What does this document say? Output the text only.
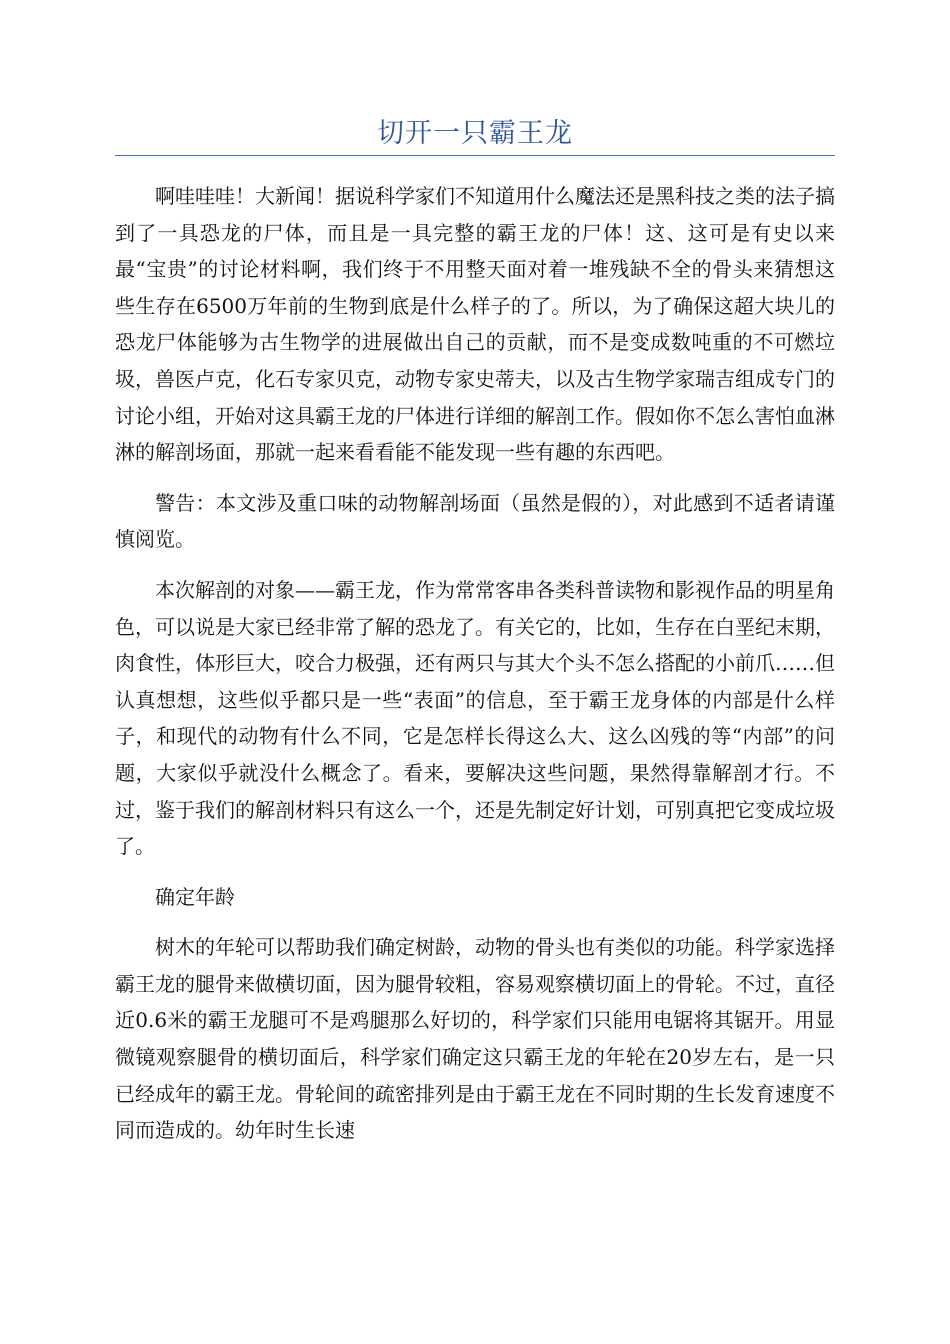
切开一只霸王龙

啊哇哇哇！大新闻！据说科学家们不知道用什么魔法还是黑科技之类的法子搞到了一具恐龙的尸体，而且是一具完整的霸王龙的尸体！这、这可是有史以来最“宝贵”的讨论材料啊，我们终于不用整天面对着一堆残缺不全的骨头来猜想这些生存在6500万年前的生物到底是什么样子的了。所以，为了确保这超大块儿的恐龙尸体能够为古生物学的进展做出自己的贡献，而不是变成数吨重的不可燃垃圾，兽医卢克，化石专家贝克，动物专家史蒂夫，以及古生物学家瑞吉组成专门的讨论小组，开始对这具霸王龙的尸体进行详细的解剖工作。假如你不怎么害怕血淋淋的解剖场面，那就一起来看看能不能发现一些有趣的东西吧。

警告：本文涉及重口味的动物解剖场面（虽然是假的），对此感到不适者请谨慎阅览。

本次解剖的对象——霸王龙，作为常常客串各类科普读物和影视作品的明星角色，可以说是大家已经非常了解的恐龙了。有关它的，比如，生存在白垩纪末期，肉食性，体形巨大，咬合力极强，还有两只与其大个头不怎么搭配的小前爪……但认真想想，这些似乎都只是一些“表面”的信息，至于霸王龙身体的内部是什么样子，和现代的动物有什么不同，它是怎样长得这么大、这么凶残的等“内部”的问题，大家似乎就没什么概念了。看来，要解决这些问题，果然得靠解剖才行。不过，鉴于我们的解剖材料只有这么一个，还是先制定好计划，可别真把它变成垃圾了。

确定年龄

树木的年轮可以帮助我们确定树龄，动物的骨头也有类似的功能。科学家选择霸王龙的腿骨来做横切面，因为腿骨较粗，容易观察横切面上的骨轮。不过，直径近0.6米的霸王龙腿可不是鸡腿那么好切的，科学家们只能用电锯将其锯开。用显微镜观察腿骨的横切面后，科学家们确定这只霸王龙的年轮在20岁左右，是一只已经成年的霸王龙。骨轮间的疏密排列是由于霸王龙在不同时期的生长发育速度不同而造成的。幼年时生长速
